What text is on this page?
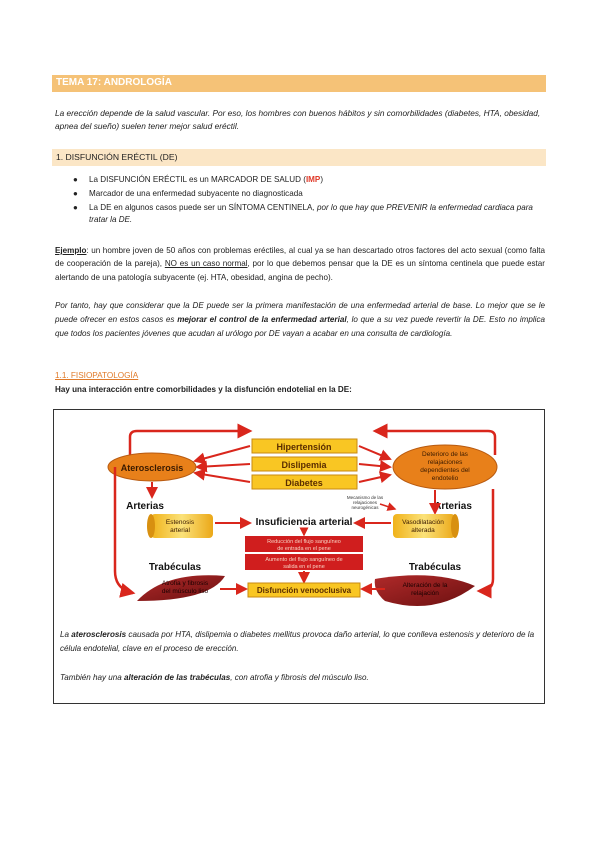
TEMA 17: ANDROLOGÍA

La erección depende de la salud vascular. Por eso, los hombres con buenos hábitos y sin comorbilidades (diabetes, HTA, obesidad, apnea del sueño) suelen tener mejor salud eréctil.

1. DISFUNCIÓN ERÉCTIL (DE)
● La DISFUNCIÓN ERÉCTIL es un MARCADOR DE SALUD (IMP)
● Marcador de una enfermedad subyacente no diagnosticada
● La DE en algunos casos puede ser un SÍNTOMA CENTINELA, por lo que hay que PREVENIR la enfermedad cardiaca para tratar la DE.

Ejemplo: un hombre joven de 50 años con problemas eréctiles, al cual ya se han descartado otros factores del acto sexual (como falta de cooperación de la pareja), NO es un caso normal, por lo que debemos pensar que la DE es un síntoma centinela que puede estar alertando de una patología subyacente (ej. HTA, obesidad, angina de pecho).

Por tanto, hay que considerar que la DE puede ser la primera manifestación de una enfermedad arterial de base. Lo mejor que se le puede ofrecer en estos casos es mejorar el control de la enfermedad arterial, lo que a su vez puede revertir la DE. Esto no implica que todos los pacientes jóvenes que acudan al urólogo por DE vayan a acabar en una consulta de cardiología.

1.1. FISIOPATOLOGÍA
Hay una interacción entre comorbilidades y la disfunción endotelial en la DE:
Hipertensión
Dislipemia
Diabetes
Aterosclerosis
Deterioro de las
relajaciones
dependientes del
endotelio
Arterias	Arterias
Mecanismo de las
relajaciones
neurogénicas
Estenosis
arterial
Vasodilatación
alterada
Insuficiencia arterial
Reducción del flujo sanguíneo
de entrada en el pene
Aumento del flujo sanguíneo de
salida en el pene
Trabéculas	Trabéculas
Atrofia y fibrosis
del músculo liso
Alteración de la
relajación
Disfunción venooclusiva

La aterosclerosis causada por HTA, dislipemia o diabetes mellitus provoca daño arterial, lo que conlleva estenosis y deterioro de la célula endotelial, clave en el proceso de erección.

También hay una alteración de las trabéculas, con atrofia y fibrosis del músculo liso.
